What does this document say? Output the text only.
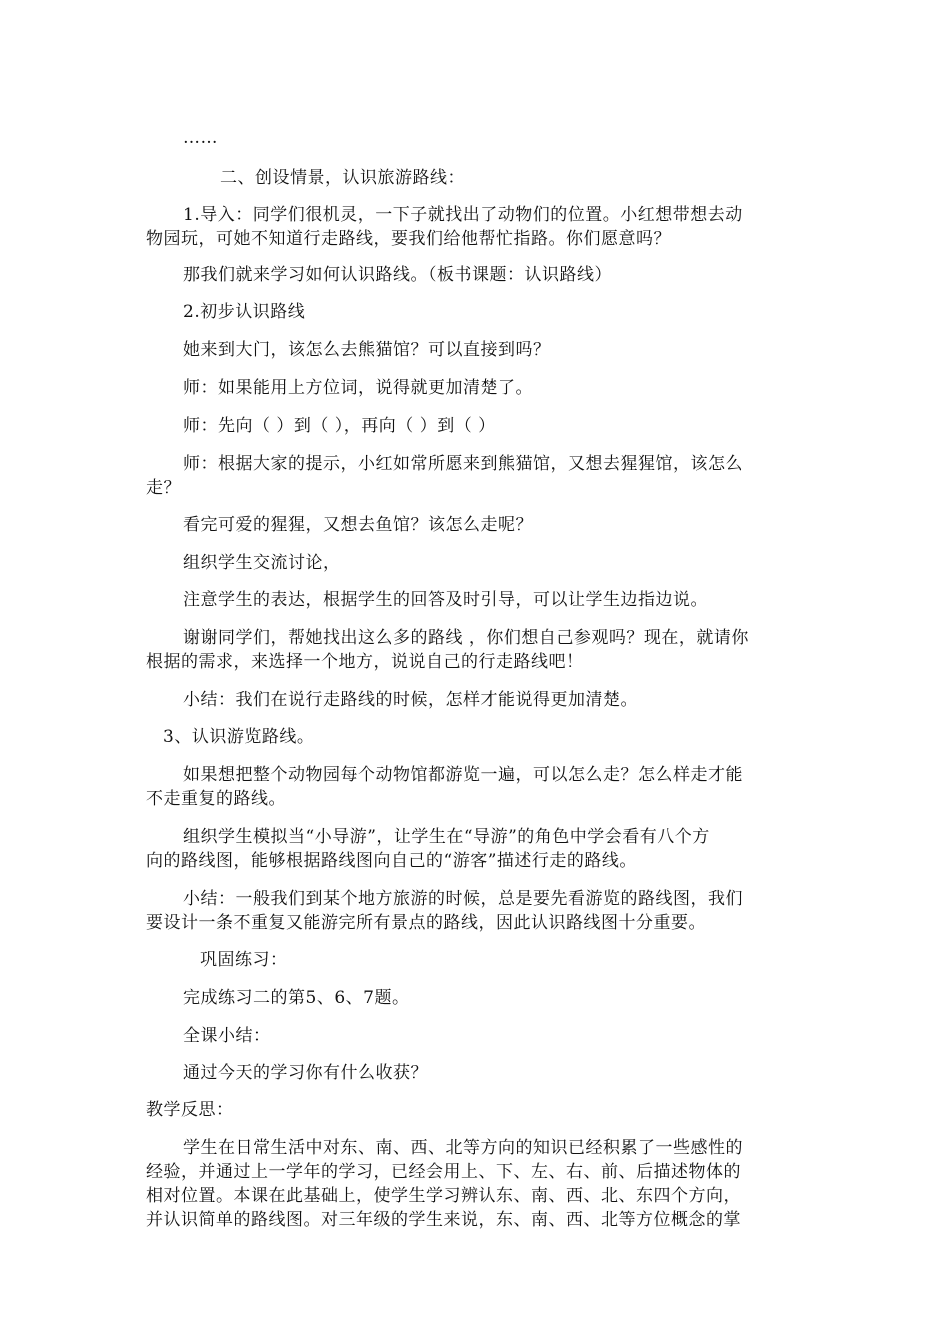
……

二、创设情景，认识旅游路线：

1.导入：同学们很机灵，一下子就找出了动物们的位置。小红想带想去动

物园玩，可她不知道行走路线，要我们给他帮忙指路。你们愿意吗？

那我们就来学习如何认识路线。（板书课题：认识路线）

2.初步认识路线

她来到大门，该怎么去熊猫馆？可以直接到吗？

师：如果能用上方位词，说得就更加清楚了。

师：先向（ ）到（ ），再向（ ）到（ ）

师：根据大家的提示，小红如常所愿来到熊猫馆，又想去猩猩馆，该怎么

走？

看完可爱的猩猩，又想去鱼馆？该怎么走呢？

组织学生交流讨论，

注意学生的表达，根据学生的回答及时引导，可以让学生边指边说。

谢谢同学们，帮她找出这么多的路线 ，你们想自己参观吗？现在，就请你

根据的需求，来选择一个地方，说说自己的行走路线吧！

小结：我们在说行走路线的时候，怎样才能说得更加清楚。

3、认识游览路线。

如果想把整个动物园每个动物馆都游览一遍，可以怎么走？怎么样走才能

不走重复的路线。

组织学生模拟当“小导游”，让学生在“导游”的角色中学会看有八个方

向的路线图，能够根据路线图向自己的“游客”描述行走的路线。

小结：一般我们到某个地方旅游的时候，总是要先看游览的路线图，我们

要设计一条不重复又能游完所有景点的路线，因此认识路线图十分重要。

巩固练习：

完成练习二的第5、6、7题。

全课小结：

通过今天的学习你有什么收获？

教学反思：

学生在日常生活中对东、南、西、北等方向的知识已经积累了一些感性的

经验，并通过上一学年的学习，已经会用上、下、左、右、前、后描述物体的

相对位置。本课在此基础上，使学生学习辨认东、南、西、北、东四个方向，

并认识简单的路线图。对三年级的学生来说，东、南、西、北等方位概念的掌
